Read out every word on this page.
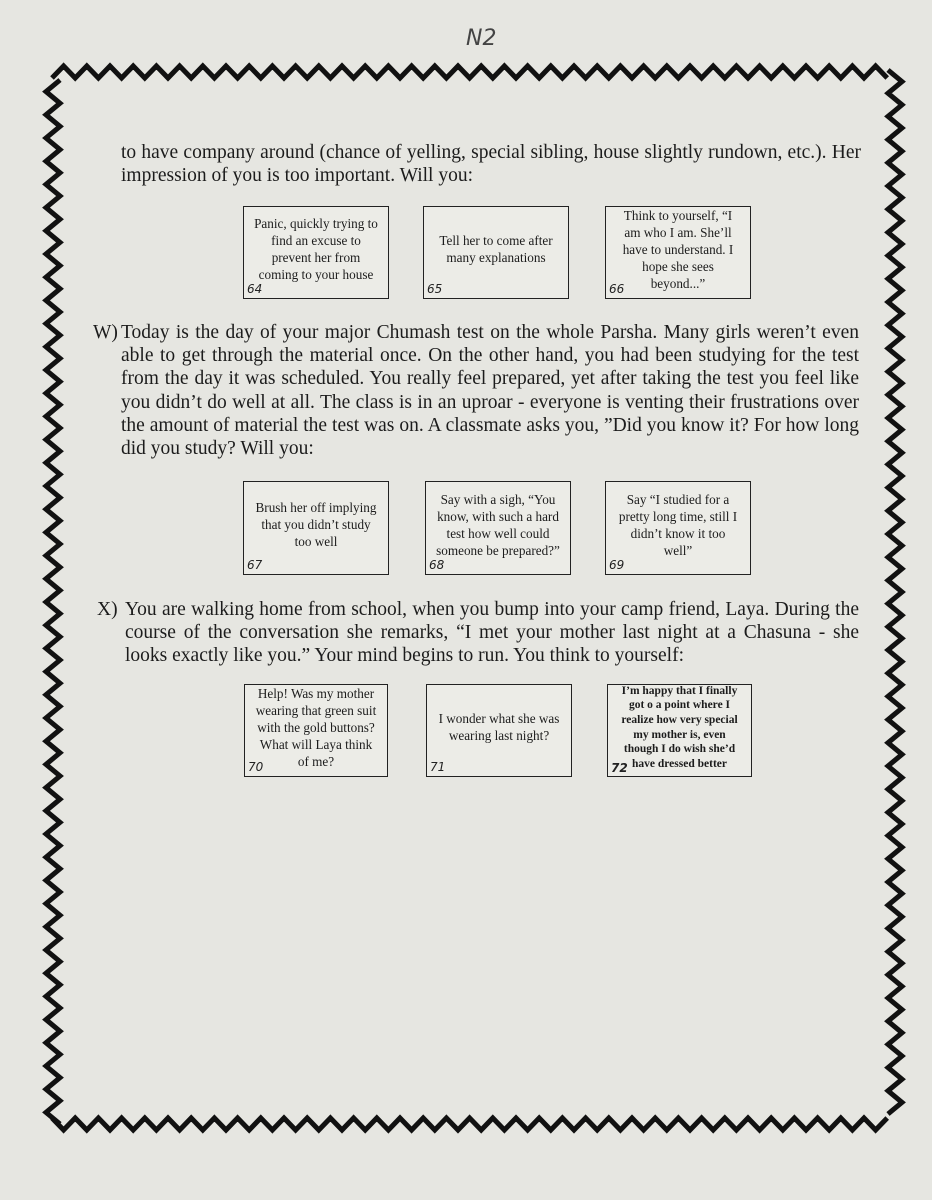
N2
to have company around (chance of yelling, special sibling, house slightly rundown, etc.). Her impression of you is too important. Will you:
Panic, quickly trying to find an excuse to prevent her from coming to your house
64
Tell her to come after many explanations
65
Think to yourself, “I am who I am. She’ll have to understand. I hope she sees beyond...”
66
W) Today is the day of your major Chumash test on the whole Parsha. Many girls weren’t even able to get through the material once. On the other hand, you had been studying for the test from the day it was scheduled. You really feel prepared, yet after taking the test you feel like you didn’t do well at all. The class is in an uproar - everyone is venting their frustrations over the amount of material the test was on. A classmate asks you, ”Did you know it? For how long did you study? Will you:
Brush her off implying that you didn’t study too well
67
Say with a sigh, “You know, with such a hard test how well could someone be prepared?”
68
Say “I studied for a pretty long time, still I didn’t know it too well”
69
X) You are walking home from school, when you bump into your camp friend, Laya. During the course of the conversation she remarks, “I met your mother last night at a Chasuna - she looks exactly like you.” Your mind begins to run. You think to yourself:
Help! Was my mother wearing that green suit with the gold buttons? What will Laya think of me?
70
I wonder what she was wearing last night?
71
I’m happy that I finally got o a point where I realize how very special my mother is, even though I do wish she’d have dressed better
72
